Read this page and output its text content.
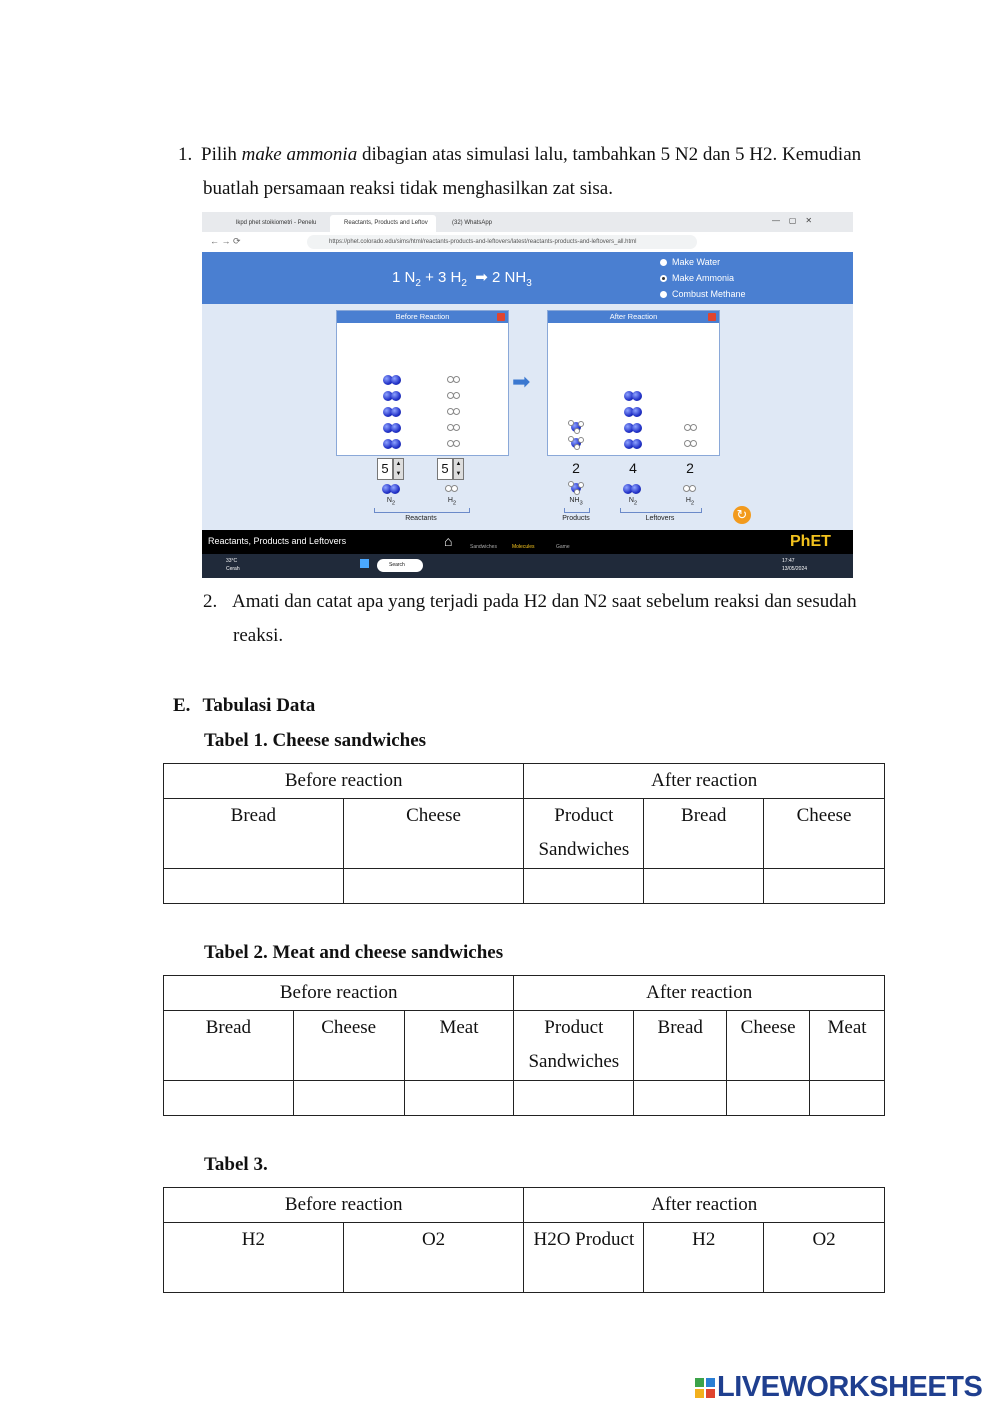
1. Pilih make ammonia dibagian atas simulasi lalu, tambahkan 5 N2 dan 5 H2. Kemudian
buatlah persamaan reaksi tidak menghasilkan zat sisa.
lkpd phet stoikiometri - Penelu	Reactants, Products and Leftov	(32) WhatsApp	—    ▢    ✕
← → ⟳	https://phet.colorado.edu/sims/html/reactants-products-and-leftovers/latest/reactants-products-and-leftovers_all.html
1 $N_2 + 3$ $H_2$  ➡ 2 $NH_3$
Make Water
Make Ammonia
Combust Methane
Before Reaction
➡
After Reaction
5	▲
▼	5	▲
▼
$N_2$	$H_2$
Reactants
2	4	2
$NH_3$	$N_2$	$H_2$
Products	Leftovers	↻
Reactants, Products and Leftovers	⌂	Sandwiches	Molecules	Game	PhET
33°C
Cerah
Search
17:47
13/05/2024
2. Amati dan catat apa yang terjadi pada H2 dan N2 saat sebelum reaksi dan sesudah
reaksi.
E. Tabulasi Data
Tabel 1. Cheese sandwiches
Before reaction		After reaction		
Bread	Cheese	Product Sandwiches	Bread	Cheese

Tabel 2. Meat and cheese sandwiches
Before reaction			After reaction			
Bread	Cheese	Meat	Product Sandwiches	Bread	Cheese	Meat

Tabel 3.
Before reaction		After reaction		
H2	O2	H2O Product	H2	O2
LIVEWORKSHEETS
